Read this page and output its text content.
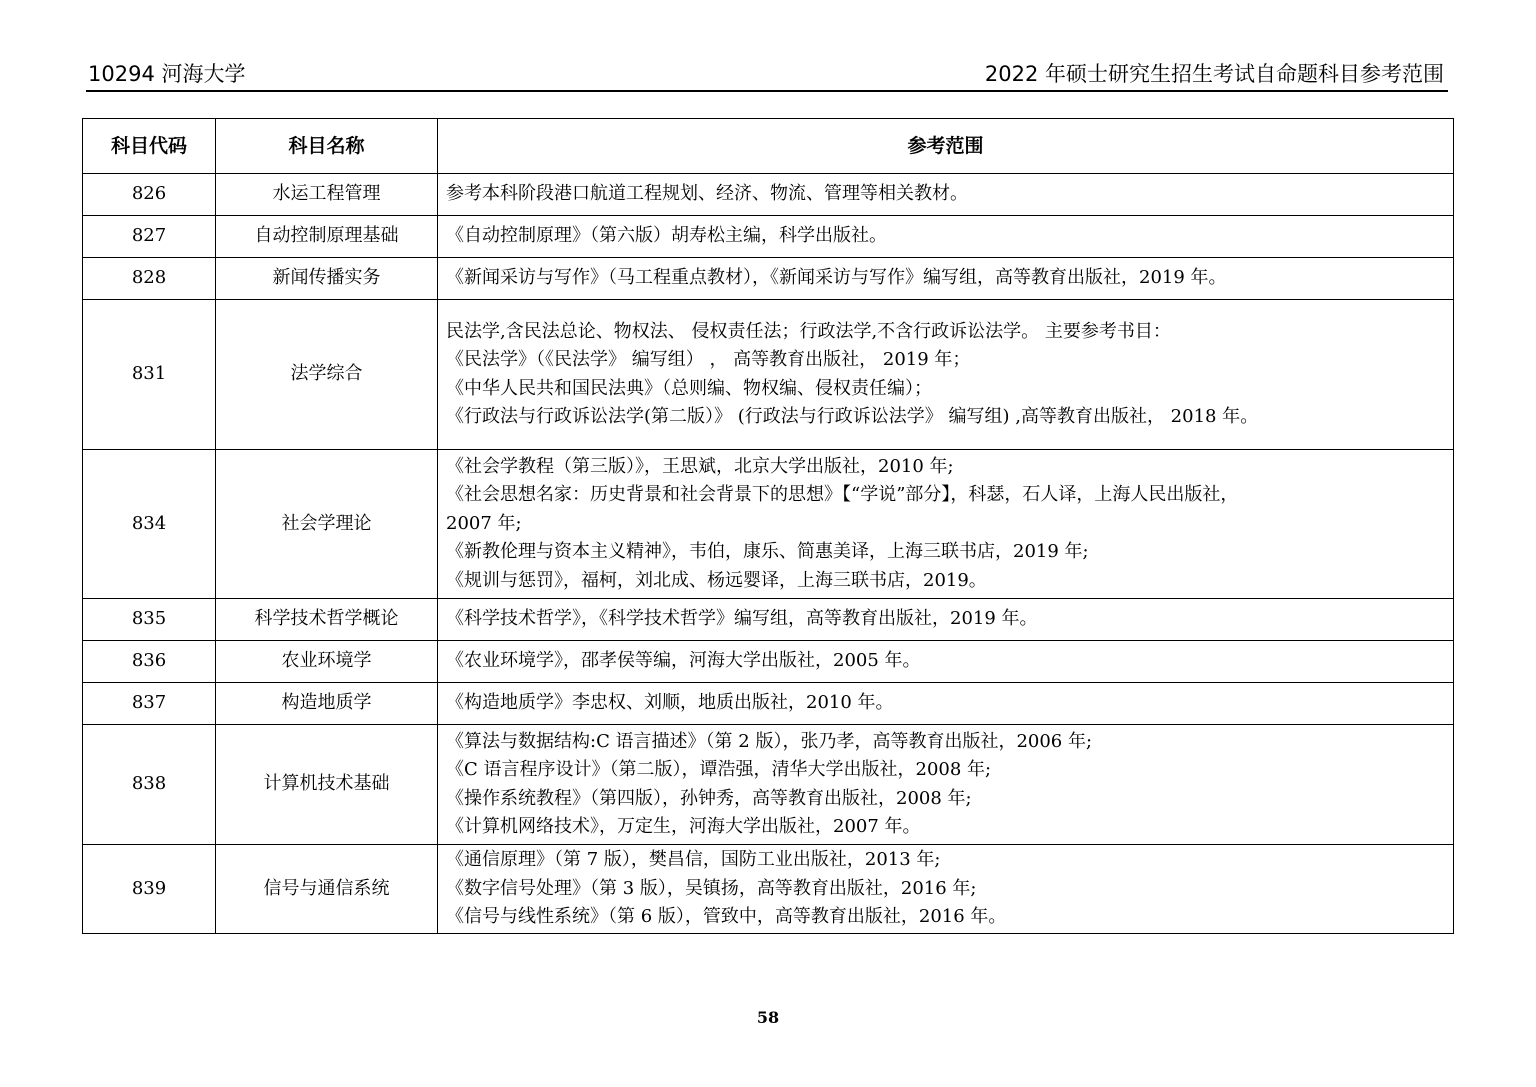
10294 河海大学	2022 年硕士研究生招生考试自命题科目参考范围
科目代码	科目名称	参考范围
826	水运工程管理	参考本科阶段港口航道工程规划、经济、物流、管理等相关教材。

827	自动控制原理基础	《自动控制原理》（第六版）胡寿松主编，科学出版社。

828	新闻传播实务	《新闻采访与写作》（马工程重点教材），《新闻采访与写作》编写组，高等教育出版社，2019 年。

831	法学综合	民法学,含民法总论、物权法、 侵权责任法；行政法学,不含行政诉讼法学。 主要参考书目：
《民法学》（《民法学》 编写组） ， 高等教育出版社， 2019 年；
《中华人民共和国民法典》（总则编、物权编、侵权责任编）；
《行政法与行政诉讼法学(第二版）》 (行政法与行政诉讼法学》 编写组) ,高等教育出版社， 2018 年。

834	社会学理论	《社会学教程（第三版）》，王思斌，北京大学出版社，2010 年;
《社会思想名家：历史背景和社会背景下的思想》【“学说”部分】，科瑟，石人译，上海人民出版社，
2007 年;
《新教伦理与资本主义精神》，韦伯，康乐、简惠美译，上海三联书店，2019 年;
《规训与惩罚》，福柯，刘北成、杨远婴译，上海三联书店，2019。

835	科学技术哲学概论	《科学技术哲学》，《科学技术哲学》编写组，高等教育出版社，2019 年。

836	农业环境学	《农业环境学》，邵孝侯等编，河海大学出版社，2005 年。

837	构造地质学	《构造地质学》李忠权、刘顺，地质出版社，2010 年。

838	计算机技术基础	《算法与数据结构:C 语言描述》（第 2 版），张乃孝，高等教育出版社，2006 年;
《C 语言程序设计》（第二版），谭浩强，清华大学出版社，2008 年;
《操作系统教程》（第四版），孙钟秀，高等教育出版社，2008 年;
《计算机网络技术》，万定生，河海大学出版社，2007 年。

839	信号与通信系统	《通信原理》（第 7 版），樊昌信，国防工业出版社，2013 年;
《数字信号处理》（第 3 版），吴镇扬，高等教育出版社，2016 年;
《信号与线性系统》（第 6 版），管致中，高等教育出版社，2016 年。
58
